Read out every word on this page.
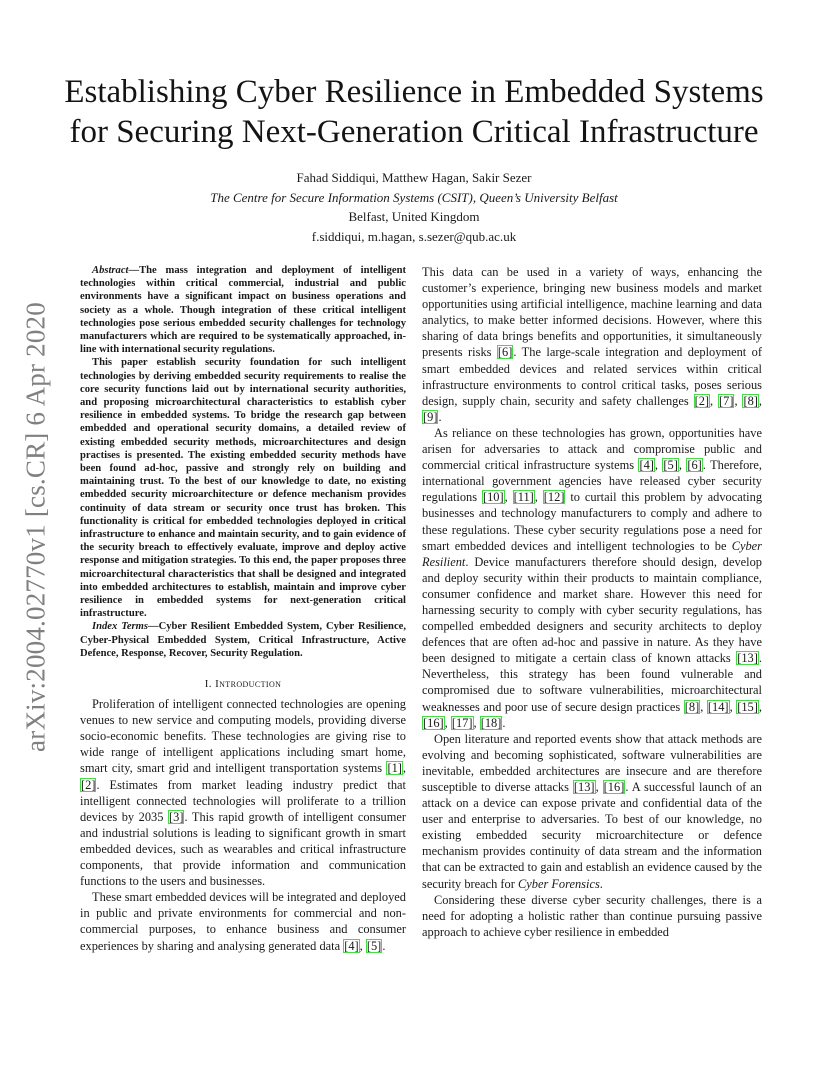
arXiv:2004.02770v1 [cs.CR] 6 Apr 2020
Establishing Cyber Resilience in Embedded Systems
for Securing Next-Generation Critical Infrastructure
Fahad Siddiqui, Matthew Hagan, Sakir Sezer
The Centre for Secure Information Systems (CSIT), Queen’s University Belfast
Belfast, United Kingdom
f.siddiqui, m.hagan, s.sezer@qub.ac.uk

Abstract—The mass integration and deployment of intelligent technologies within critical commercial, industrial and public environments have a significant impact on business operations and society as a whole. Though integration of these critical intelligent technologies pose serious embedded security challenges for technology manufacturers which are required to be systematically approached, in-line with international security regulations.

This paper establish security foundation for such intelligent technologies by deriving embedded security requirements to realise the core security functions laid out by international security authorities, and proposing microarchitectural characteristics to establish cyber resilience in embedded systems. To bridge the research gap between embedded and operational security domains, a detailed review of existing embedded security methods, microarchitectures and design practises is presented. The existing embedded security methods have been found ad-hoc, passive and strongly rely on building and maintaining trust. To the best of our knowledge to date, no existing embedded security microarchitecture or defence mechanism provides continuity of data stream or security once trust has broken. This functionality is critical for embedded technologies deployed in critical infrastructure to enhance and maintain security, and to gain evidence of the security breach to effectively evaluate, improve and deploy active response and mitigation strategies. To this end, the paper proposes three microarchitectural characteristics that shall be designed and integrated into embedded architectures to establish, maintain and improve cyber resilience in embedded systems for next-generation critical infrastructure.

Index Terms—Cyber Resilient Embedded System, Cyber Resilience, Cyber-Physical Embedded System, Critical Infrastructure, Active Defence, Response, Recover, Security Regulation.

I. Introduction

Proliferation of intelligent connected technologies are opening venues to new service and computing models, providing diverse socio-economic benefits. These technologies are giving rise to wide range of intelligent applications including smart home, smart city, smart grid and intelligent transportation systems [1], [2]. Estimates from market leading industry predict that intelligent connected technologies will proliferate to a trillion devices by 2035 [3]. This rapid growth of intelligent consumer and industrial solutions is leading to significant growth in smart embedded devices, such as wearables and critical infrastructure components, that provide information and communication functions to the users and businesses.

These smart embedded devices will be integrated and deployed in public and private environments for commercial and non-commercial purposes, to enhance business and consumer experiences by sharing and analysing generated data [4], [5].

This data can be used in a variety of ways, enhancing the customer’s experience, bringing new business models and market opportunities using artificial intelligence, machine learning and data analytics, to make better informed decisions. However, where this sharing of data brings benefits and opportunities, it simultaneously presents risks [6]. The large-scale integration and deployment of smart embedded devices and related services within critical infrastructure environments to control critical tasks, poses serious design, supply chain, security and safety challenges [2], [7], [8], [9].

As reliance on these technologies has grown, opportunities have arisen for adversaries to attack and compromise public and commercial critical infrastructure systems [4], [5], [6]. Therefore, international government agencies have released cyber security regulations [10], [11], [12] to curtail this problem by advocating businesses and technology manufacturers to comply and adhere to these regulations. These cyber security regulations pose a need for smart embedded devices and intelligent technologies to be Cyber Resilient. Device manufacturers therefore should design, develop and deploy security within their products to maintain compliance, consumer confidence and market share. However this need for harnessing security to comply with cyber security regulations, has compelled embedded designers and security architects to deploy defences that are often ad-hoc and passive in nature. As they have been designed to mitigate a certain class of known attacks [13]. Nevertheless, this strategy has been found vulnerable and compromised due to software vulnerabilities, microarchitectural weaknesses and poor use of secure design practices [8], [14], [15], [16], [17], [18].

Open literature and reported events show that attack methods are evolving and becoming sophisticated, software vulnerabilities are inevitable, embedded architectures are insecure and are therefore susceptible to diverse attacks [13], [16]. A successful launch of an attack on a device can expose private and confidential data of the user and enterprise to adversaries. To best of our knowledge, no existing embedded security microarchitecture or defence mechanism provides continuity of data stream and the information that can be extracted to gain and establish an evidence caused by the security breach for Cyber Forensics.

Considering these diverse cyber security challenges, there is a need for adopting a holistic rather than continue pursuing passive approach to achieve cyber resilience in embedded
